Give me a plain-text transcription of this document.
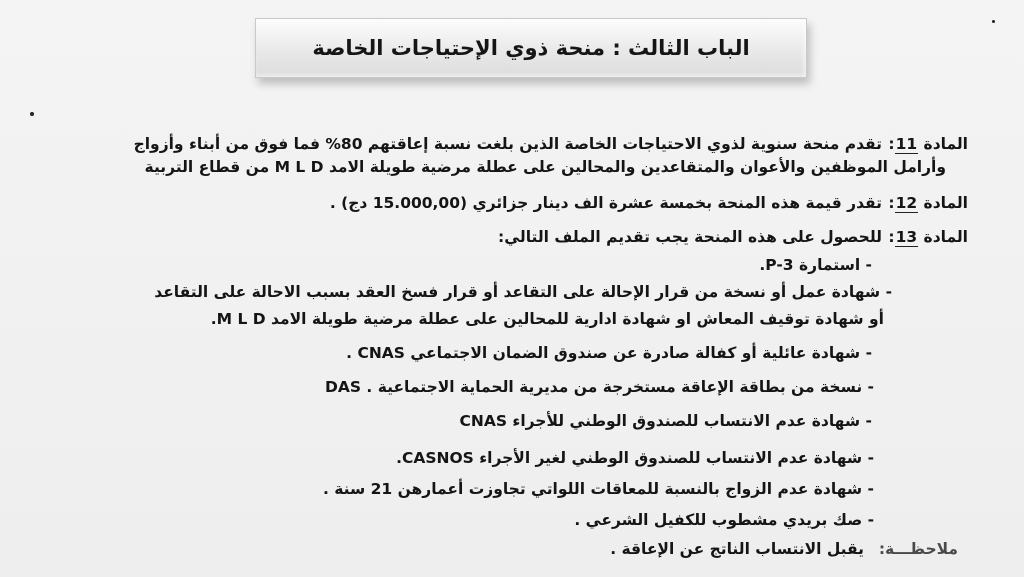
الباب الثالث : منحة ذوي الإحتياجات الخاصة
المادة 11:
تقدم منحة سنوية لذوي الاحتياجات الخاصة الذين بلغت نسبة إعاقتهم 80% فما فوق من أبناء وأزواج
وأرامل الموظفين والأعوان والمتقاعدين والمحالين على عطلة مرضية طويلة الامد M L D من قطاع التربية
المادة 12:
تقدر قيمة هذه المنحة بخمسة عشرة الف دينار جزائري (15.000,00 دج) .
المادة 13:
للحصول على هذه المنحة يجب تقديم الملف التالي:
- استمارة P-3.
- شهادة عمل أو نسخة من قرار الإحالة على التقاعد أو قرار فسخ العقد بسبب الاحالة على التقاعد
أو شهادة توقيف المعاش او شهادة ادارية للمحالين على عطلة مرضية طويلة الامد M L D.
- شهادة عائلية أو كفالة صادرة عن صندوق الضمان الاجتماعي CNAS .
- نسخة من بطاقة الإعاقة مستخرجة من مديرية الحماية الاجتماعية . DAS
- شهادة عدم الانتساب للصندوق الوطني للأجراء CNAS
- شهادة عدم الانتساب للصندوق الوطني لغير الأجراء CASNOS.
- شهادة عدم الزواج بالنسبة للمعاقات اللواتي تجاوزت أعمارهن 21 سنة .
- صك بريدي مشطوب للكفيل الشرعي .
ملاحظـــة:
يقبل الانتساب الناتج عن الإعاقة .
